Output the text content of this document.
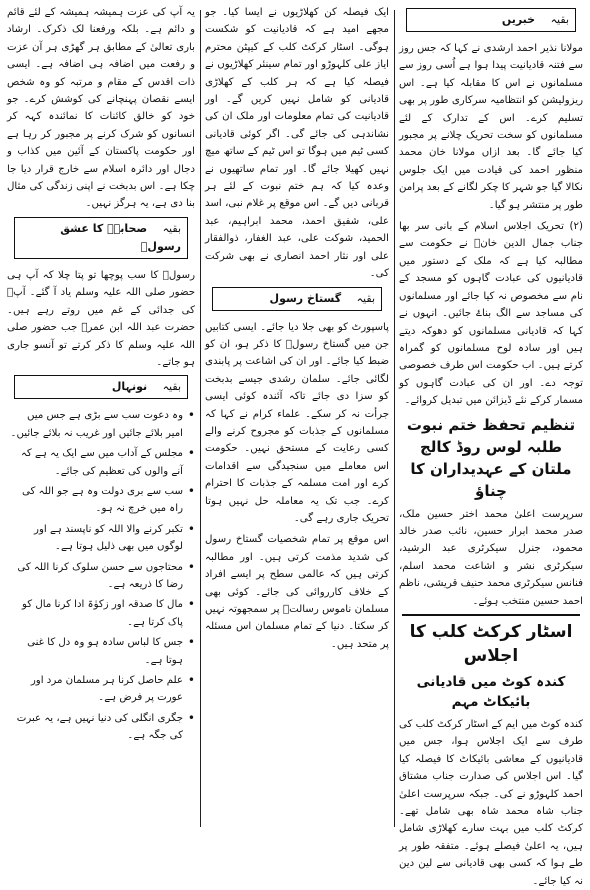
بقیہ خبریں

مولانا نذیر احمد ارشدی نے کہا کہ جس روز سے فتنہ قادیانیت پیدا ہوا ہے اُسی روز سے مسلمانوں نے اس کا مقابلہ کیا ہے۔ اس ریزولیشن کو انتظامیہ سرکاری طور پر بھی تسلیم کرے۔ اس کے تدارک کے لئے مسلمانوں کو سخت تحریک چلانے پر مجبور کیا جائے گا۔ بعد ازاں مولانا خان محمد منظور احمد کی قیادت میں ایک جلوس نکالا گیا جو شہر کا چکر لگانے کے بعد پرامن طور پر منتشر ہو گیا۔

(۲) تحریک اجلاس اسلام کے بانی سر بھا جناب جمال الدین خانؒ نے حکومت سے مطالبہ کیا ہے کہ ملک کے دستور میں قادیانیوں کی عبادت گاہوں کو مسجد کے نام سے مخصوص نہ کیا جائے اور مسلمانوں کی مساجد سے الگ بناۓ جائیں۔ انہوں نے کہا کہ قادیانی مسلمانوں کو دھوکہ دیتے ہیں اور سادہ لوح مسلمانوں کو گمراہ کرتے ہیں۔ اب حکومت اس طرف خصوصی توجہ دے۔ اور ان کی عبادت گاہوں کو مسمار کرکے نئے ڈیزائن میں تبدیل کروائے۔

تنظیم تحفظ ختم نبوت طلبہ لوس روڈ کالج ملتان کے عہدیداران کا چناؤ

سرپرست اعلیٰ محمد اختر حسین ملک، صدر محمد ابرار حسین، نائب صدر خالد محمود، جنرل سیکرٹری عبد الرشید، سیکرٹری نشر و اشاعت محمد اسلم، فنانس سیکرٹری محمد حنیف قریشی، ناظم احمد حسین منتخب ہوئے۔

اسٹار کرکٹ کلب کا اجلاس
کندہ کوٹ میں قادیانی بائیکاٹ مہم

کندہ کوٹ میں ایم کے اسٹار کرکٹ کلب کی طرف سے ایک اجلاس ہوا، جس میں قادیانیوں کے معاشی بائیکاٹ کا فیصلہ کیا گیا۔ اس اجلاس کی صدارت جناب مشتاق احمد کلہوڑو نے کی۔ جبکہ سرپرست اعلیٰ جناب شاہ محمد شاہ بھی شامل تھے۔ کرکٹ کلب میں بہت سارے کھلاڑی شامل ہیں، یہ اعلیٰ فیصلے ہوئے۔ متفقہ طور پر طے ہوا کہ کسی بھی قادیانی سے لین دین نہ کیا جائے۔

ایک فیصلہ کن کھلاڑیوں نے ایسا کیا۔ جو مجھے امید ہے کہ قادیانیت کو شکست ہوگی۔ اسٹار کرکٹ کلب کے کیپٹن محترم ایاز علی کلہوڑو اور تمام سینئر کھلاڑیوں نے فیصلہ کیا ہے کہ ہر کلب کے کھلاڑی قادیانی کو شامل نہیں کریں گے۔ اور قادیانیت کی تمام معلومات اور ملک ان کی نشاندہی کی جائے گی۔ اگر کوئی قادیانی کسی ٹیم میں ہوگا تو اس ٹیم کے ساتھ میچ نہیں کھیلا جائے گا۔ اور تمام ساتھیوں نے وعدہ کیا کہ ہم ختم نبوت کے لئے ہر قربانی دیں گے۔ اس موقع پر غلام نبی، اسد علی، شفیق احمد، محمد ابراہیم، عبد الحمید، شوکت علی، عبد الغفار، ذوالفقار علی اور نثار احمد انصاری نے بھی شرکت کی۔

بقیہ گستاخ رسول

پاسپورٹ کو بھی جلا دیا جائے۔ ایسی کتابیں جن میں گستاخ رسولؐ کا ذکر ہو، ان کو ضبط کیا جائے۔ اور ان کی اشاعت پر پابندی لگائی جائے۔ سلمان رشدی جیسے بدبخت کو سزا دی جائے تاکہ آئندہ کوئی ایسی جرأت نہ کر سکے۔ علماء کرام نے کہا کہ مسلمانوں کے جذبات کو مجروح کرنے والے کسی رعایت کے مستحق نہیں۔ حکومت اس معاملے میں سنجیدگی سے اقدامات کرے اور امت مسلمہ کے جذبات کا احترام کرے۔ جب تک یہ معاملہ حل نہیں ہوتا تحریک جاری رہے گی۔

اس موقع پر تمام شخصیات گستاخ رسول کی شدید مذمت کرتی ہیں۔ اور مطالبہ کرتی ہیں کہ عالمی سطح پر ایسے افراد کے خلاف کارروائی کی جائے۔ کوئی بھی مسلمان ناموس رسالتؐ پر سمجھوتہ نہیں کر سکتا۔ دنیا کے تمام مسلمان اس مسئلہ پر متحد ہیں۔

یہ آپ کی عزت ہمیشہ ہمیشہ کے لئے قائم و دائم ہے۔ بلکہ ورفعنا لک ذکرک۔ ارشاد باری تعالیٰ کے مطابق ہر گھڑی ہر آن عزت و رفعت میں اضافہ ہی اضافہ ہے۔ ایسی ذات اقدس کے مقام و مرتبہ کو وہ شخص ایسے نقصان پہنچانے کی کوشش کرے۔ جو خود کو خالق کائنات کا نمائندہ کہہ کر انسانوں کو شرک کرنے پر مجبور کر رہا ہے اور حکومت پاکستان کے آئین میں کذاب و دجال اور دائرہ اسلام سے خارج قرار دیا جا چکا ہے۔ اس بدبخت نے اپنی زندگی کی مثال بنا دی ہے، یہ ہرگز نہیں۔

بقیہ صحابہؓ کا عشق رسولؐ

رسولؐ کا سب پوچھا تو پتا چلا کہ آپ ہی حضور صلی اللہ علیہ وسلم یاد آ گئے۔ آپؐ کی جدائی کے غم میں روتے رہے ہیں۔ حضرت عبد اللہ ابن عمرؓ جب حضور صلی اللہ علیہ وسلم کا ذکر کرتے تو آنسو جاری ہو جاتے۔

بقیہ نونہال
• وہ دعوت سب سے بڑی ہے جس میں امیر بلائے جائیں اور غریب نہ بلائے جائیں۔
• مجلس کے آداب میں سے ایک یہ ہے کہ آنے والوں کی تعظیم کی جائے۔
• سب سے بری دولت وہ ہے جو اللہ کی راہ میں خرچ نہ ہو۔
• تکبر کرنے والا اللہ کو ناپسند ہے اور لوگوں میں بھی ذلیل ہوتا ہے۔
• محتاجوں سے حسن سلوک کرنا اللہ کی رضا کا ذریعہ ہے۔
• مال کا صدقہ اور زکوٰۃ ادا کرنا مال کو پاک کرتا ہے۔
• جس کا لباس سادہ ہو وہ دل کا غنی ہوتا ہے۔
• علم حاصل کرنا ہر مسلمان مرد اور عورت پر فرض ہے۔
• جگری انگلی کی دنیا نہیں ہے، یہ عبرت کی جگہ ہے۔
